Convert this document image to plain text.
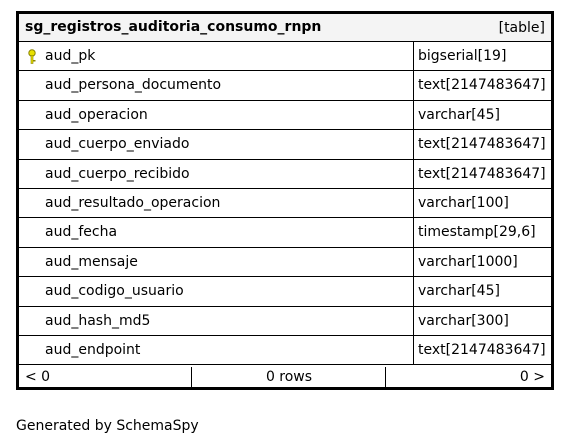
sg_registros_auditoria_consumo_rnpn	[table]
aud_pk	bigserial[19]
aud_persona_documento	text[2147483647]
aud_operacion	varchar[45]
aud_cuerpo_enviado	text[2147483647]
aud_cuerpo_recibido	text[2147483647]
aud_resultado_operacion	varchar[100]
aud_fecha	timestamp[29,6]
aud_mensaje	varchar[1000]
aud_codigo_usuario	varchar[45]
aud_hash_md5	varchar[300]
aud_endpoint	text[2147483647]
< 0	0 rows	0 >
Generated by SchemaSpy
